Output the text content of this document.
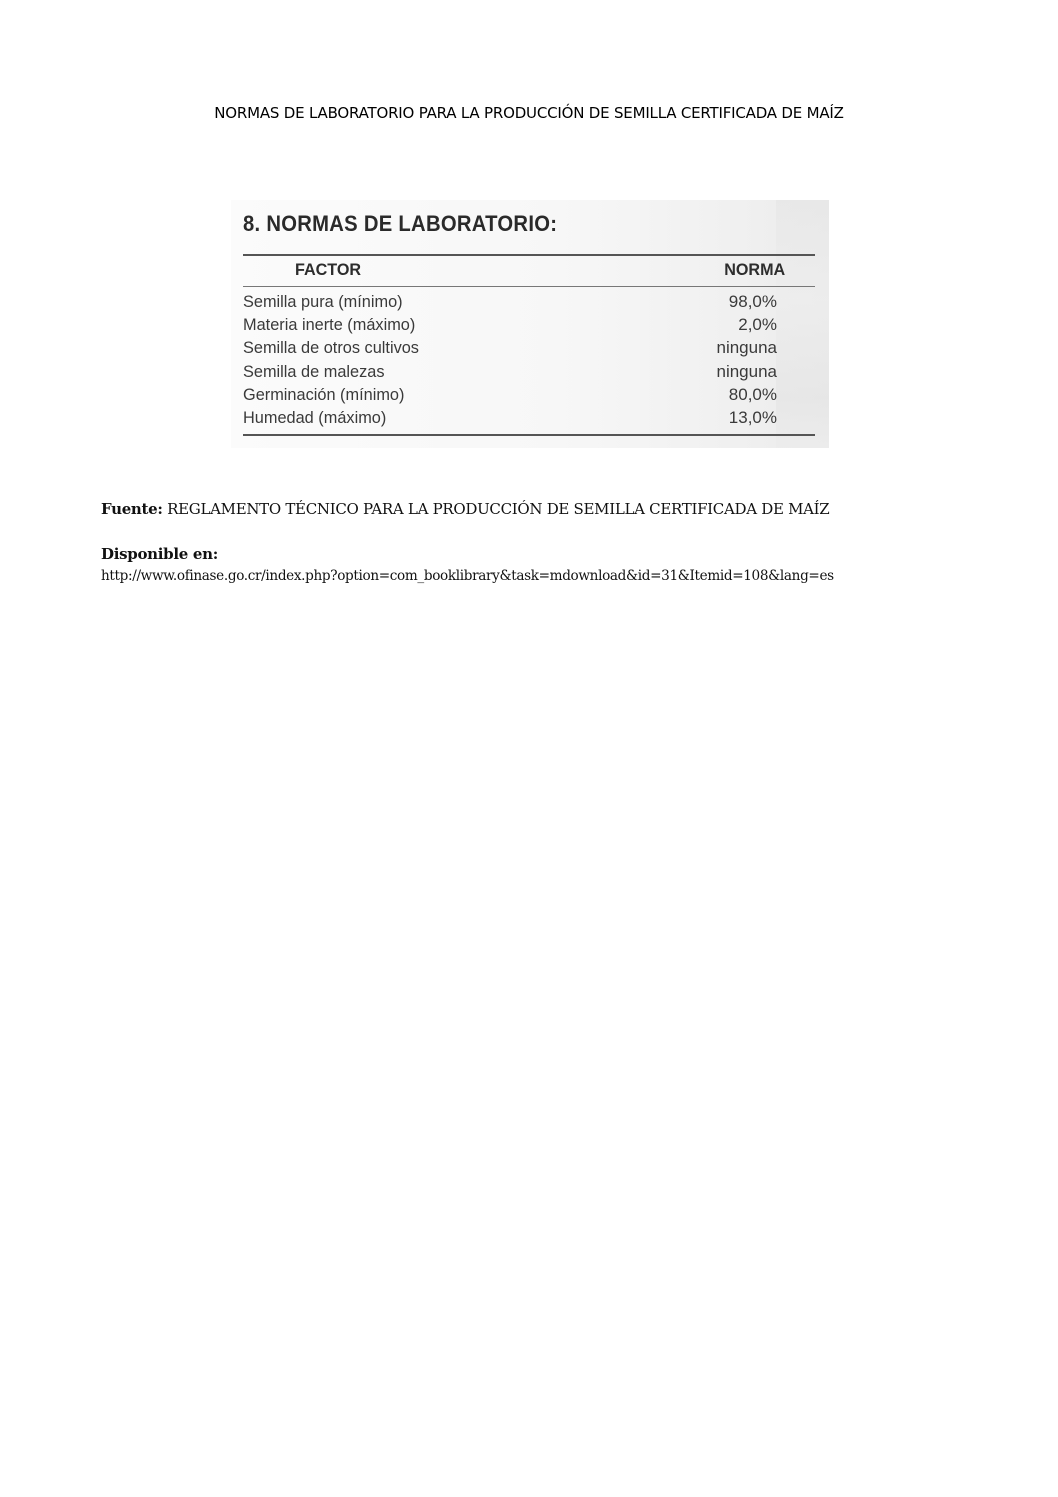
NORMAS DE LABORATORIO PARA LA PRODUCCIÓN DE SEMILLA CERTIFICADA DE MAÍZ
8. NORMAS DE LABORATORIO:
FACTOR	NORMA
Semilla pura (mínimo)	98,0%
Materia inerte (máximo)	2,0%
Semilla de otros cultivos	ninguna
Semilla de malezas	ninguna
Germinación (mínimo)	80,0%
Humedad (máximo)	13,0%
Fuente: REGLAMENTO TÉCNICO PARA LA PRODUCCIÓN DE SEMILLA CERTIFICADA DE MAÍZ
Disponible en:
http://www.ofinase.go.cr/index.php?option=com_booklibrary&task=mdownload&id=31&Itemid=108&lang=es
